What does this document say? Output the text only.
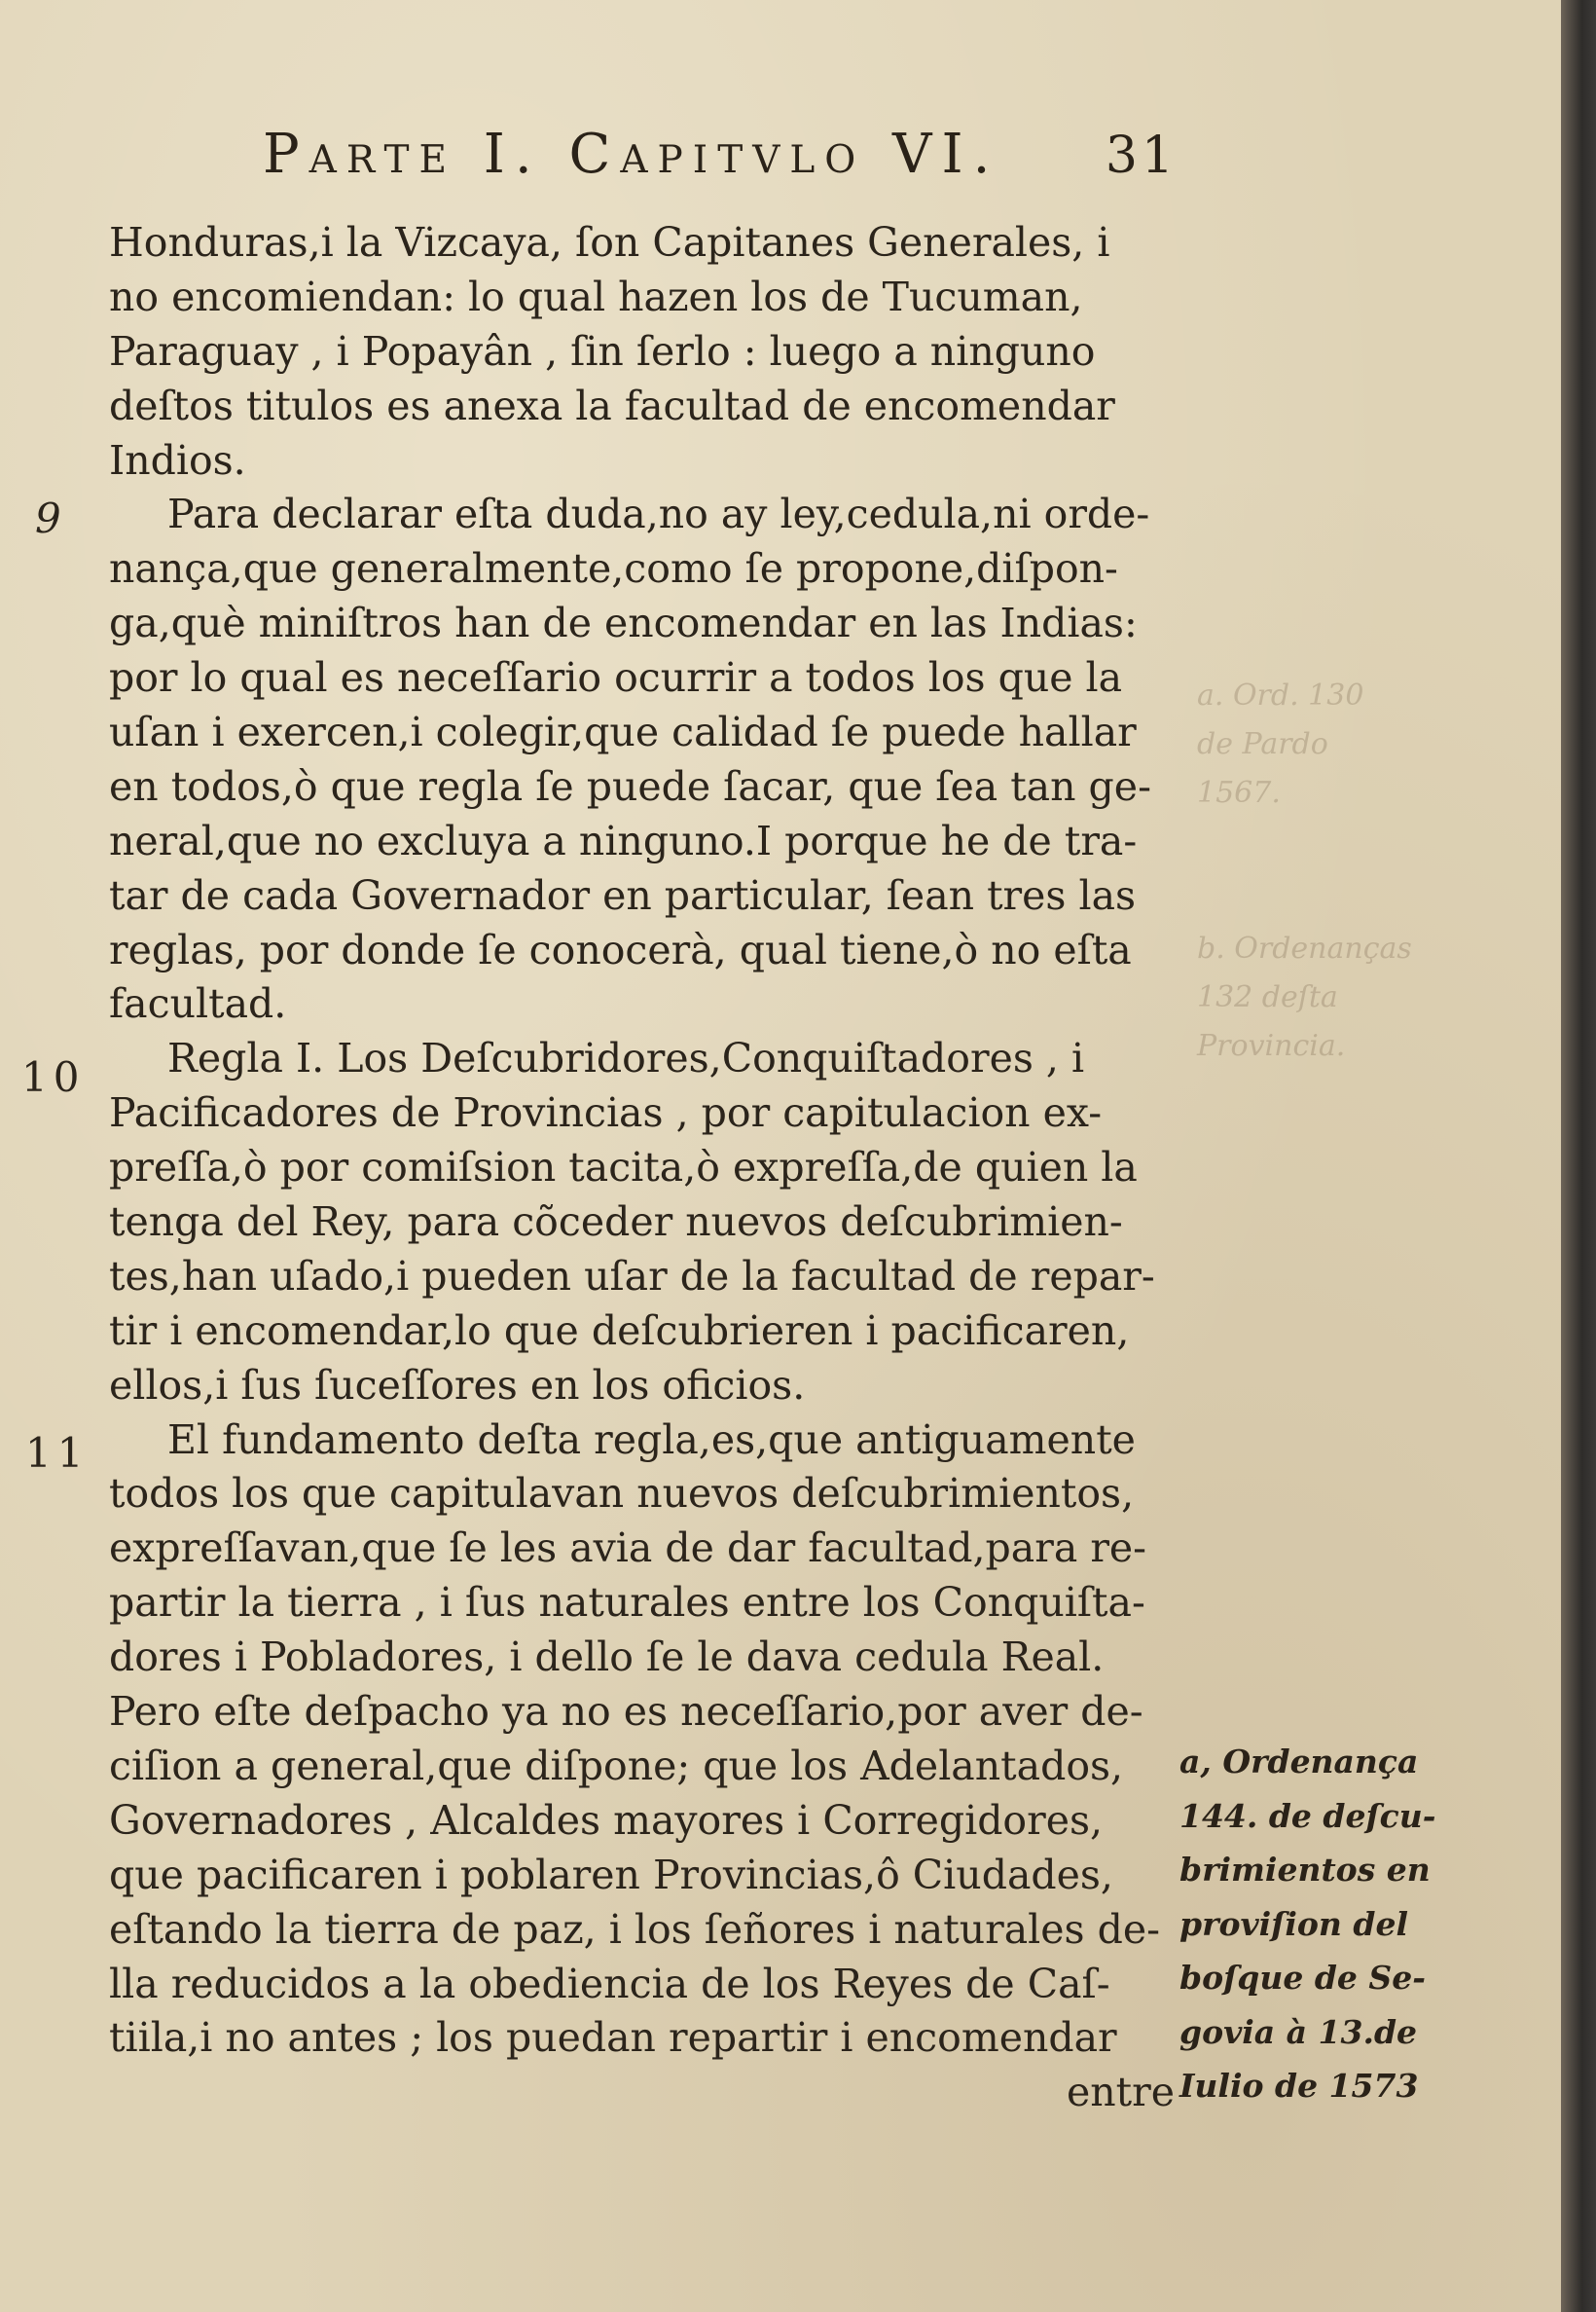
Parte I. Capitvlo VI. 31
a. Ord. 130
de Pardo
1567.
b. Ordenanças
132 deſta
Provincia.
9
10
11
Honduras,i la Vizcaya, ſon Capitanes Generales, i
no encomiendan: lo qual hazen los de Tucuman,
Paraguay , i Popayân , ſin ſerlo : luego a ninguno
deſtos titulos es anexa la facultad de encomendar
Indios.
Para declarar eſta duda,no ay ley,cedula,ni orde-
nança,que generalmente,como ſe propone,diſpon-
ga,què miniſtros han de encomendar en las Indias:
por lo qual es neceſſario ocurrir a todos los que la
uſan i exercen,i colegir,que calidad ſe puede hallar
en todos,ò que regla ſe puede ſacar, que ſea tan ge-
neral,que no excluya a ninguno.I porque he de tra-
tar de cada Governador en particular, ſean tres las
reglas, por donde ſe conocerà, qual tiene,ò no eſta
facultad.
Regla I. Los Deſcubridores,Conquiſtadores , i
Pacificadores de Provincias , por capitulacion ex-
preſſa,ò por comiſsion tacita,ò expreſſa,de quien la
tenga del Rey, para cõceder nuevos deſcubrimien-
tes,han uſado,i pueden uſar de la facultad de repar-
tir i encomendar,lo que deſcubrieren i pacificaren,
ellos,i ſus ſuceſſores en los oficios.
El fundamento deſta regla,es,que antiguamente
todos los que capitulavan nuevos deſcubrimientos,
expreſſavan,que ſe les avia de dar facultad,para re-
partir la tierra , i ſus naturales entre los Conquiſta-
dores i Pobladores, i dello ſe le dava cedula Real.
Pero eſte deſpacho ya no es neceſſario,por aver de-
ciſion a general,que diſpone; que los Adelantados,
Governadores , Alcaldes mayores i Corregidores,
que pacificaren i poblaren Provincias,ô Ciudades,
eſtando la tierra de paz, i los ſeñores i naturales de-
lla reducidos a la obediencia de los Reyes de Caſ-
tiila,i no antes ; los puedan repartir i encomendar
entre
a, Ordenança
144. de deſcu-
brimientos en
proviſion del
boſque de Se-
govia à 13.de
Iulio de 1573
